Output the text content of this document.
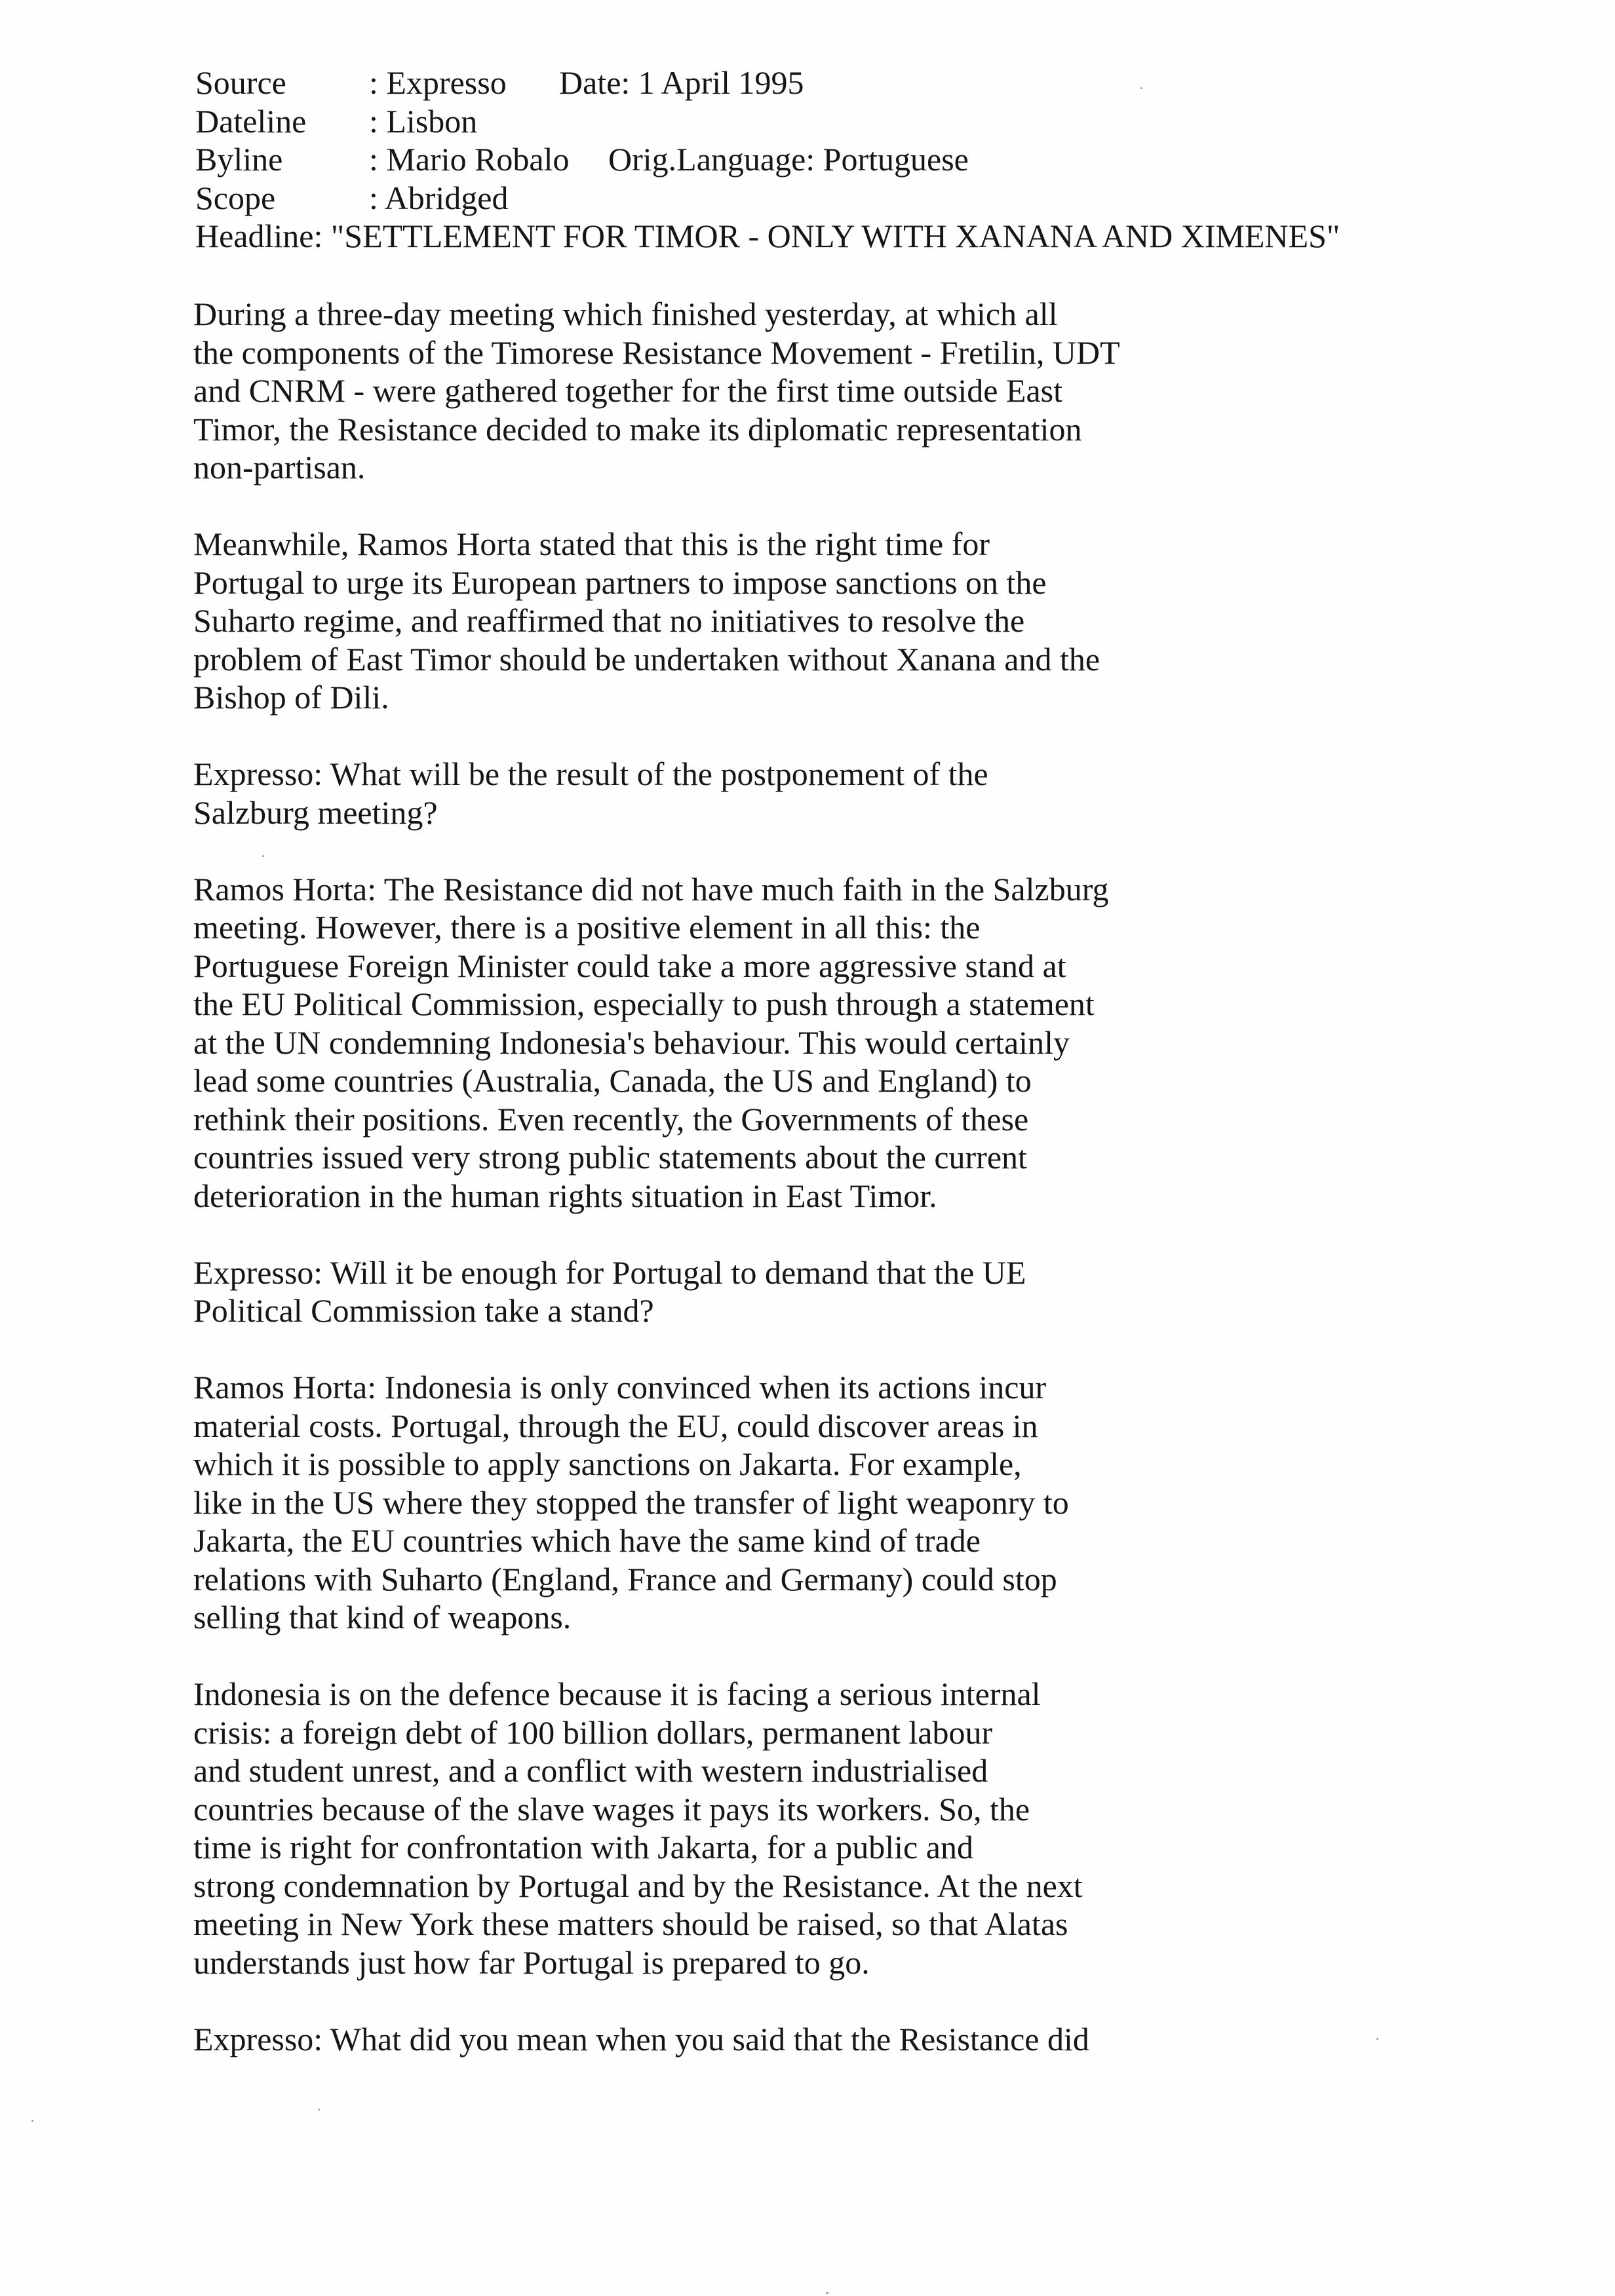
Source	: Expresso Date: 1 April 1995
Dateline : Lisbon
Byline	: Mario Robalo Orig.Language: Portuguese
Scope	: Abridged
Headline: "SETTLEMENT FOR TIMOR - ONLY WITH XANANA AND XIMENES"

During a three-day meeting which finished yesterday, at which all
the components of the Timorese Resistance Movement - Fretilin, UDT
and CNRM - were gathered together for the first time outside East
Timor, the Resistance decided to make its diplomatic representation
non-partisan.

Meanwhile, Ramos Horta stated that this is the right time for
Portugal to urge its European partners to impose sanctions on the
Suharto regime, and reaffirmed that no initiatives to resolve the
problem of East Timor should be undertaken without Xanana and the
Bishop of Dili.

Expresso: What will be the result of the postponement of the
Salzburg meeting?

Ramos Horta: The Resistance did not have much faith in the Salzburg
meeting. However, there is a positive element in all this: the
Portuguese Foreign Minister could take a more aggressive stand at
the EU Political Commission, especially to push through a statement
at the UN condemning Indonesia's behaviour. This would certainly
lead some countries (Australia, Canada, the US and England) to
rethink their positions. Even recently, the Governments of these
countries issued very strong public statements about the current
deterioration in the human rights situation in East Timor.

Expresso: Will it be enough for Portugal to demand that the UE
Political Commission take a stand?

Ramos Horta: Indonesia is only convinced when its actions incur
material costs. Portugal, through the EU, could discover areas in
which it is possible to apply sanctions on Jakarta. For example,
like in the US where they stopped the transfer of light weaponry to
Jakarta, the EU countries which have the same kind of trade
relations with Suharto (England, France and Germany) could stop
selling that kind of weapons.

Indonesia is on the defence because it is facing a serious internal
crisis: a foreign debt of 100 billion dollars, permanent labour
and student unrest, and a conflict with western industrialised
countries because of the slave wages it pays its workers. So, the
time is right for confrontation with Jakarta, for a public and
strong condemnation by Portugal and by the Resistance. At the next
meeting in New York these matters should be raised, so that Alatas
understands just how far Portugal is prepared to go.

Expresso: What did you mean when you said that the Resistance did
